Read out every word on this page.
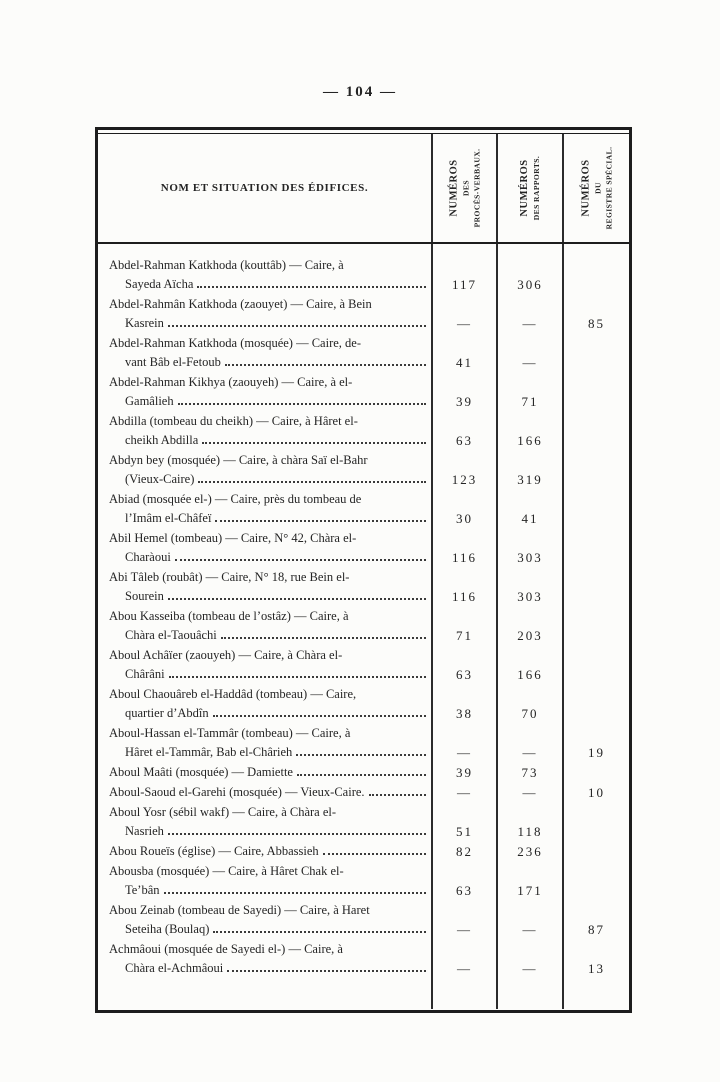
— 104 —
NOM ET SITUATION DES ÉDIFICES.	NUMÉROS DES PROCÈS-VERBAUX.	NUMÉROS DES RAPPORTS.	NUMÉROS DU REGISTRE SPÉCIAL.
Abdel-Rahman Katkhoda (kouttâb) — Caire, à
Sayeda Aïcha	117	306
Abdel-Rahmân Katkhoda (zaouyet) — Caire, à Bein
Kasrein	—	—	85
Abdel-Rahman Katkhoda (mosquée) — Caire, de-
vant Bâb el-Fetoub	41	—
Abdel-Rahman Kikhya (zaouyeh) — Caire, à el-
Gamâlieh	39	71
Abdilla (tombeau du cheikh) — Caire, à Hâret el-
cheikh Abdilla	63	166
Abdyn bey (mosquée) — Caire, à chàra Saï el-Bahr
(Vieux-Caire)	123	319
Abiad (mosquée el-) — Caire, près du tombeau de
l’Imâm el-Châfeï	30	41
Abil Hemel (tombeau) — Caire, N° 42, Chàra el-
Charàoui	116	303
Abi Tâleb (roubât) — Caire, N° 18, rue Bein el-
Sourein	116	303
Abou Kasseiba (tombeau de l’ostâz) — Caire, à
Chàra el-Taouâchi	71	203
Aboul Achâïer (zaouyeh) — Caire, à Chàra el-
Chârâni	63	166
Aboul Chaouâreb el-Haddâd (tombeau) — Caire,
quartier d’Abdîn	38	70
Aboul-Hassan el-Tammâr (tombeau) — Caire, à
Hâret el-Tammâr, Bab el-Chârieh	—	—	19
Aboul Maâti (mosquée) — Damiette	39	73
Aboul-Saoud el-Garehi (mosquée) — Vieux-Caire.	—	—	10
Aboul Yosr (sébil wakf) — Caire, à Chàra el-
Nasrieh	51	118
Abou Roueïs (église) — Caire, Abbassieh	82	236
Abousba (mosquée) — Caire, à Hâret Chak el-
Te’bân	63	171
Abou Zeinab (tombeau de Sayedi) — Caire, à Haret
Seteiha (Boulaq)	—	—	87
Achmâoui (mosquée de Sayedi el-) — Caire, à
Chàra el-Achmâoui	—	—	13
